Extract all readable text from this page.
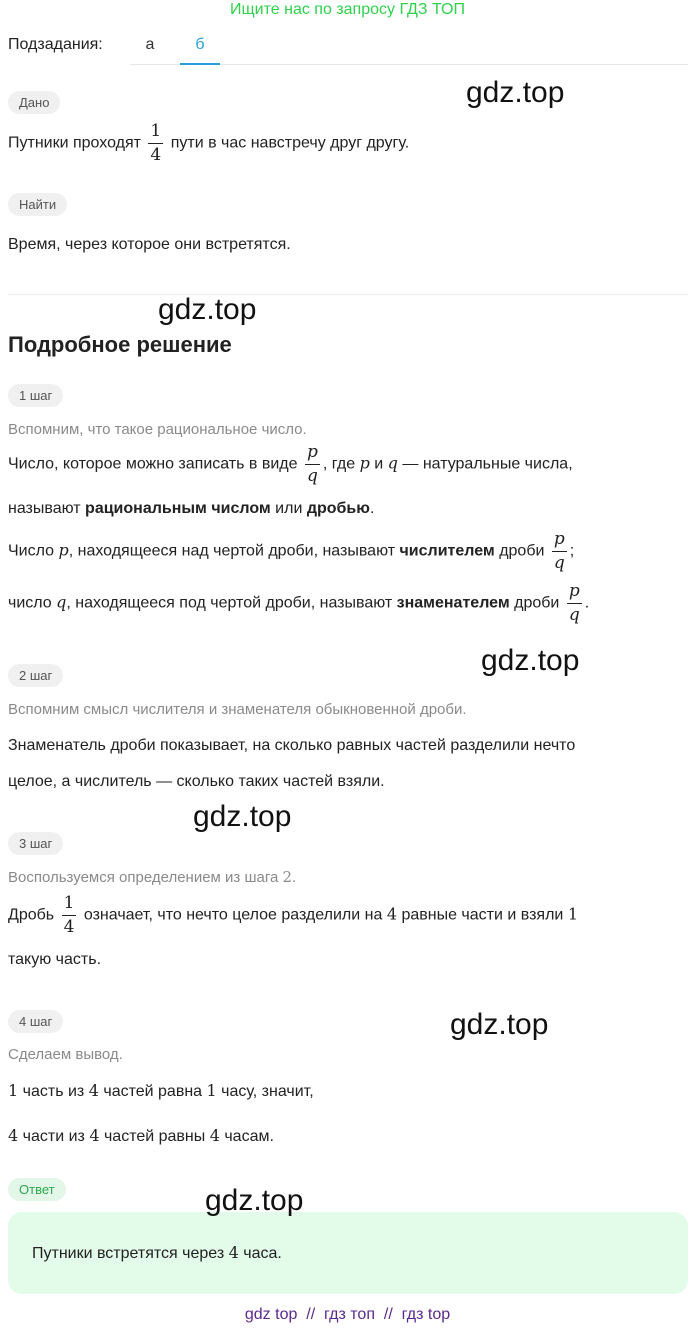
Ищите нас по запросу ГДЗ ТОП
Подзадания:	а	б
Дано	gdz.top
Путники проходят $\frac{1}{4}$ пути в час навстречу друг другу.
Найти
Время, через которое они встретятся.
gdz.top
Подробное решение
1 шаг
Вспомним, что такое рациональное число.
Число, которое можно записать в виде $\frac{p}{q}$ , где p и q — натуральные числа,
называют рациональным числом или дробью.
Число p, находящееся над чертой дроби, называют числителем дроби $\frac{p}{q}$ ;
число q, находящееся под чертой дроби, называют знаменателем дроби $\frac{p}{q}$ .
gdz.top
2 шаг
Вспомним смысл числителя и знаменателя обыкновенной дроби.
Знаменатель дроби показывает, на сколько равных частей разделили нечто
целое, а числитель — сколько таких частей взяли.
gdz.top
3 шаг
Воспользуемся определением из шага 2.
Дробь $\frac{1}{4}$ означает, что нечто целое разделили на 4 равные части и взяли 1
такую часть.
gdz.top
4 шаг
Сделаем вывод.
1 часть из 4 частей равна 1 часу, значит,
4 части из 4 частей равны 4 часам.
Ответ	gdz.top
Путники встретятся через 4 часа.
gdz top  //  гдз топ  //  гдз top
